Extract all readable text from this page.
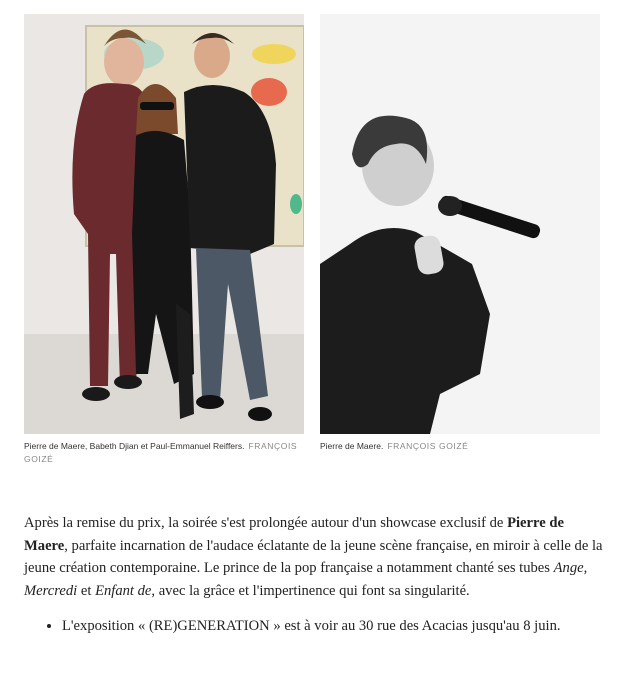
Pierre de Maere, Babeth Djian et Paul-Emmanuel Reiffers. FRANÇOIS GOIZÉ
Pierre de Maere. FRANÇOIS GOIZÉ

Après la remise du prix, la soirée s'est prolongée autour d'un showcase exclusif de Pierre de Maere, parfaite incarnation de l'audace éclatante de la jeune scène française, en miroir à celle de la jeune création contemporaine. Le prince de la pop française a notamment chanté ses tubes Ange, Mercredi et Enfant de, avec la grâce et l'impertinence qui font sa singularité.

• L'exposition « (RE)GENERATION » est à voir au 30 rue des Acacias jusqu'au 8 juin.
